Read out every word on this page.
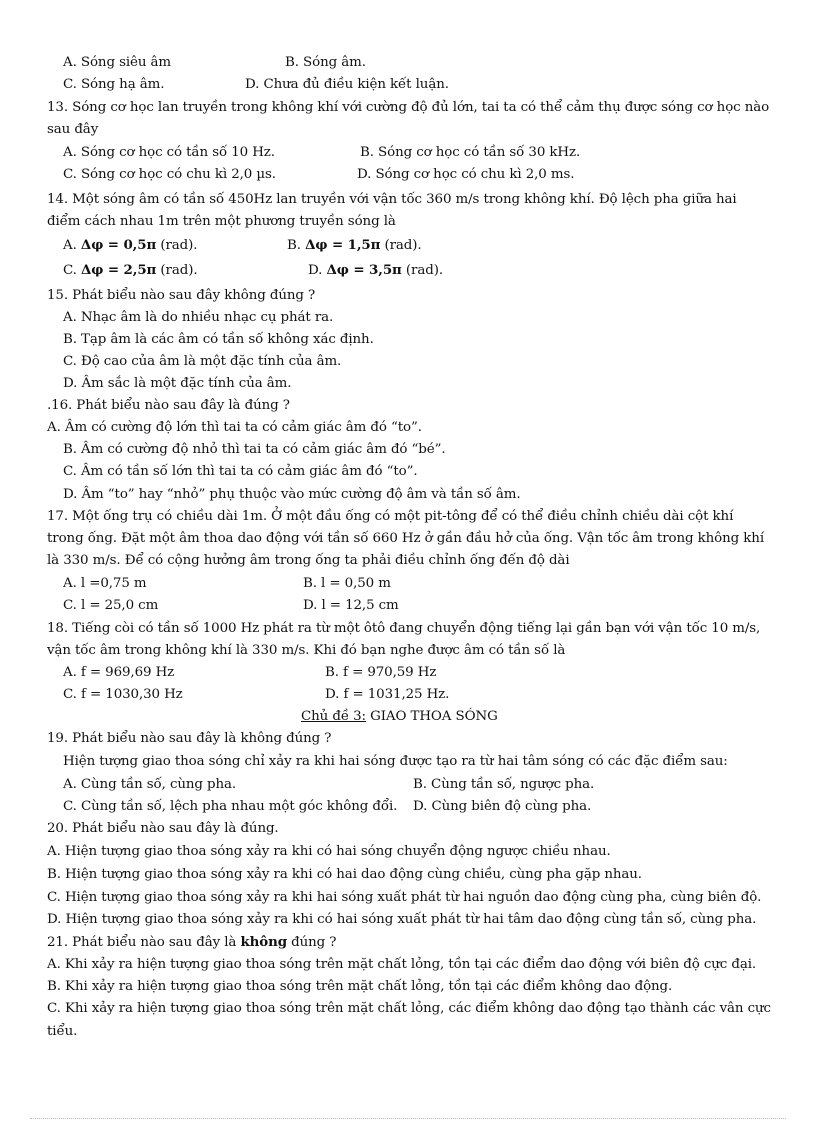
A. Sóng siêu âm	B. Sóng âm.
C. Sóng hạ âm.	D. Chưa đủ điều kiện kết luận.
13. Sóng cơ học lan truyền trong không khí với cường độ đủ lớn, tai ta có thể cảm thụ được sóng cơ học nào
sau đây
A. Sóng cơ học có tần số 10 Hz.	B. Sóng cơ học có tần số 30 kHz.
C. Sóng cơ học có chu kì 2,0 µs.	D. Sóng cơ học có chu kì 2,0 ms.
14. Một sóng âm có tần số 450Hz lan truyền với vận tốc 360 m/s trong không khí. Độ lệch pha giữa hai
điểm cách nhau 1m trên một phương truyền sóng là
A. Δφ = 0,5π (rad).	B. Δφ = 1,5π (rad).
C. Δφ = 2,5π (rad).	D. Δφ = 3,5π (rad).
15. Phát biểu nào sau đây không đúng ?
A. Nhạc âm là do nhiều nhạc cụ phát ra.
B. Tạp âm là các âm có tần số không xác định.
C. Độ cao của âm là một đặc tính của âm.
D. Âm sắc là một đặc tính của âm.
.16. Phát biểu nào sau đây là đúng ?
A. Âm có cường độ lớn thì tai ta có cảm giác âm đó “to”.
B. Âm có cường độ nhỏ thì tai ta có cảm giác âm đó “bé”.
C. Âm có tần số lớn thì tai ta có cảm giác âm đó “to”.
D. Âm “to” hay “nhỏ” phụ thuộc vào mức cường độ âm và tần số âm.
17. Một ống trụ có chiều dài 1m. Ở một đầu ống có một pit-tông để có thể điều chỉnh chiều dài cột khí
trong ống. Đặt một âm thoa dao động với tần số 660 Hz ở gần đầu hở của ống. Vận tốc âm trong không khí
là 330 m/s. Để có cộng hưởng âm trong ống ta phải điều chỉnh ống đến độ dài
A. l =0,75 m	B. l = 0,50 m
C. l = 25,0 cm	D. l = 12,5 cm
18. Tiếng còi có tần số 1000 Hz phát ra từ một ôtô đang chuyển động tiếng lại gần bạn với vận tốc 10 m/s,
vận tốc âm trong không khí là 330 m/s. Khi đó bạn nghe được âm có tần số là
A. f = 969,69 Hz	B. f = 970,59 Hz
C. f = 1030,30 Hz	D. f = 1031,25 Hz.
Chủ đề 3: GIAO THOA SÓNG
19. Phát biểu nào sau đây là không đúng ?
Hiện tượng giao thoa sóng chỉ xảy ra khi hai sóng được tạo ra từ hai tâm sóng có các đặc điểm sau:
A. Cùng tần số, cùng pha.	B. Cùng tần số, ngược pha.
C. Cùng tần số, lệch pha nhau một góc không đổi. D. Cùng biên độ cùng pha.
20. Phát biểu nào sau đây là đúng.
A. Hiện tượng giao thoa sóng xảy ra khi có hai sóng chuyển động ngược chiều nhau.
B. Hiện tượng giao thoa sóng xảy ra khi có hai dao động cùng chiều, cùng pha gặp nhau.
C. Hiện tượng giao thoa sóng xảy ra khi hai sóng xuất phát từ hai nguồn dao động cùng pha, cùng biên độ.
D. Hiện tượng giao thoa sóng xảy ra khi có hai sóng xuất phát từ hai tâm dao động cùng tần số, cùng pha.
21. Phát biểu nào sau đây là không đúng ?
A. Khi xảy ra hiện tượng giao thoa sóng trên mặt chất lỏng, tồn tại các điểm dao động với biên độ cực đại.
B. Khi xảy ra hiện tượng giao thoa sóng trên mặt chất lỏng, tồn tại các điểm không dao động.
C. Khi xảy ra hiện tượng giao thoa sóng trên mặt chất lỏng, các điểm không dao động tạo thành các vân cực
tiểu.
